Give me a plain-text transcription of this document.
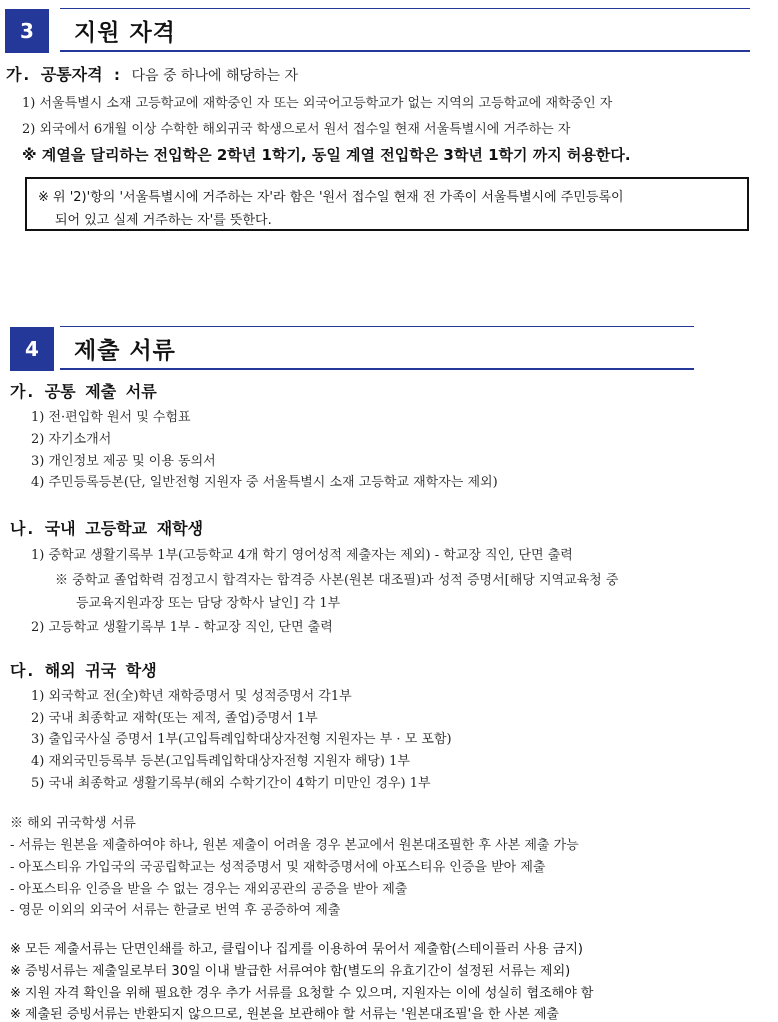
3	지원 자격
가. 공통자격 : 다음 중 하나에 해당하는 자
1) 서울특별시 소재 고등학교에 재학중인 자 또는 외국어고등학교가 없는 지역의 고등학교에 재학중인 자
2) 외국에서 6개월 이상 수학한 해외귀국 학생으로서 원서 접수일 현재 서울특별시에 거주하는 자
※ 계열을 달리하는 전입학은 2학년 1학기, 동일 계열 전입학은 3학년 1학기 까지 허용한다.
※ 위 '2)'항의 '서울특별시에 거주하는 자'라 함은 '원서 접수일 현재 전 가족이 서울특별시에 주민등록이
되어 있고 실제 거주하는 자'를 뜻한다.
4	제출 서류
가. 공통 제출 서류
1) 전·편입학 원서 및 수험표
2) 자기소개서
3) 개인정보 제공 및 이용 동의서
4) 주민등록등본(단, 일반전형 지원자 중 서울특별시 소재 고등학교 재학자는 제외)
나. 국내 고등학교 재학생
1) 중학교 생활기록부 1부(고등학교 4개 학기 영어성적 제출자는 제외) - 학교장 직인, 단면 출력
※ 중학교 졸업학력 검정고시 합격자는 합격증 사본(원본 대조필)과 성적 증명서[해당 지역교육청 중
등교육지원과장 또는 담당 장학사 날인] 각 1부
2) 고등학교 생활기록부 1부 - 학교장 직인, 단면 출력
다. 해외 귀국 학생
1) 외국학교 전(全)학년 재학증명서 및 성적증명서 각1부
2) 국내 최종학교 재학(또는 제적, 졸업)증명서 1부
3) 출입국사실 증명서 1부(고입특례입학대상자전형 지원자는 부 · 모 포함)
4) 재외국민등록부 등본(고입특례입학대상자전형 지원자 해당) 1부
5) 국내 최종학교 생활기록부(해외 수학기간이 4학기 미만인 경우) 1부
※ 해외 귀국학생 서류
- 서류는 원본을 제출하여야 하나, 원본 제출이 어려울 경우 본교에서 원본대조필한 후 사본 제출 가능
- 아포스티유 가입국의 국공립학교는 성적증명서 및 재학증명서에 아포스티유 인증을 받아 제출
- 아포스티유 인증을 받을 수 없는 경우는 재외공관의 공증을 받아 제출
- 영문 이외의 외국어 서류는 한글로 번역 후 공증하여 제출
※ 모든 제출서류는 단면인쇄를 하고, 클립이나 집게를 이용하여 묶어서 제출함(스테이플러 사용 금지)
※ 증빙서류는 제출일로부터 30일 이내 발급한 서류여야 함(별도의 유효기간이 설정된 서류는 제외)
※ 지원 자격 확인을 위해 필요한 경우 추가 서류를 요청할 수 있으며, 지원자는 이에 성실히 협조해야 함
※ 제출된 증빙서류는 반환되지 않으므로, 원본을 보관해야 할 서류는 '원본대조필'을 한 사본 제출
